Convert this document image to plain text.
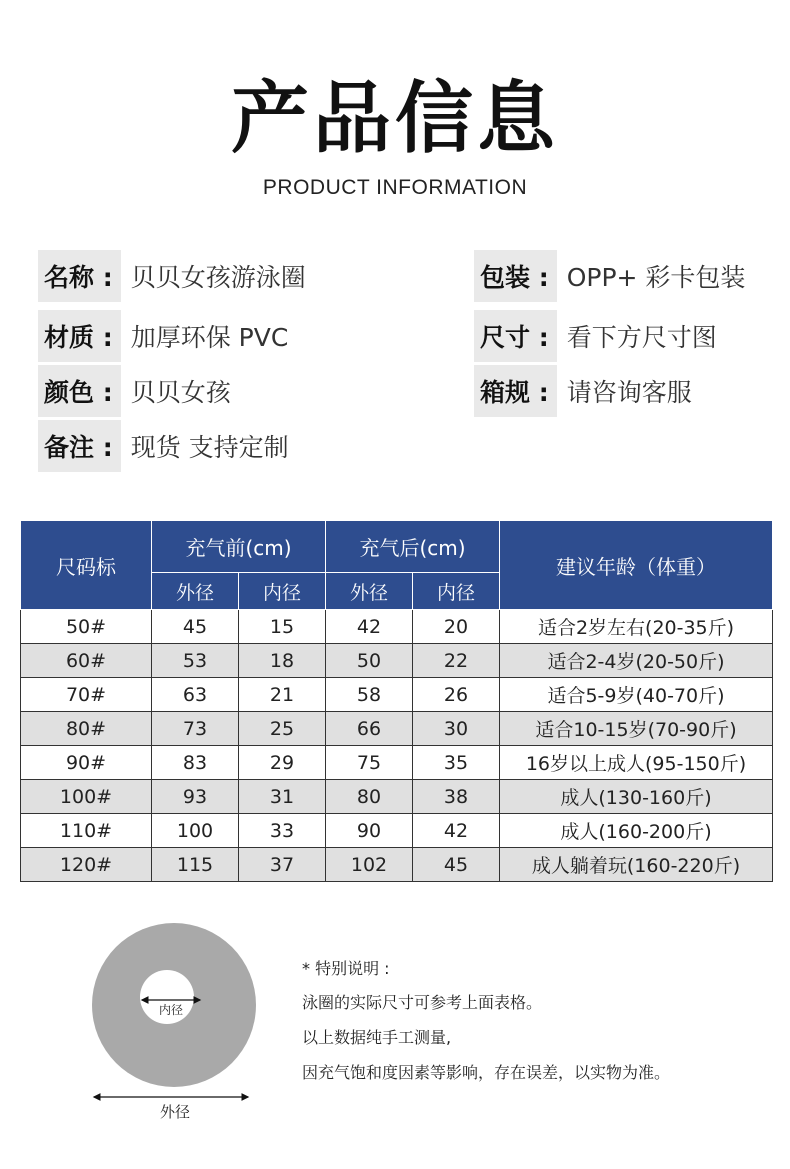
产品信息
PRODUCT INFORMATION
名称 : 贝贝女孩游泳圈
材质 : 加厚环保 PVC
颜色 : 贝贝女孩
备注 : 现货 支持定制
包装 : OPP+ 彩卡包装
尺寸 : 看下方尺寸图
箱规 : 请咨询客服
尺码标	充气前(cm)		充气后(cm)		建议年龄（体重）
	外径	内径	外径	内径	
50#	45	15	42	20	适合2岁左右(20-35斤)
60#	53	18	50	22	适合2-4岁(20-50斤)
70#	63	21	58	26	适合5-9岁(40-70斤)
80#	73	25	66	30	适合10-15岁(70-90斤)
90#	83	29	75	35	16岁以上成人(95-150斤)
100#	93	31	80	38	成人(130-160斤)
110#	100	33	90	42	成人(160-200斤)
120#	115	37	102	45	成人躺着玩(160-220斤)
内径
外径
* 特别说明 :
泳圈的实际尺寸可参考上面表格。
以上数据纯手工测量,
因充气饱和度因素等影响，存在误差，以实物为准。
